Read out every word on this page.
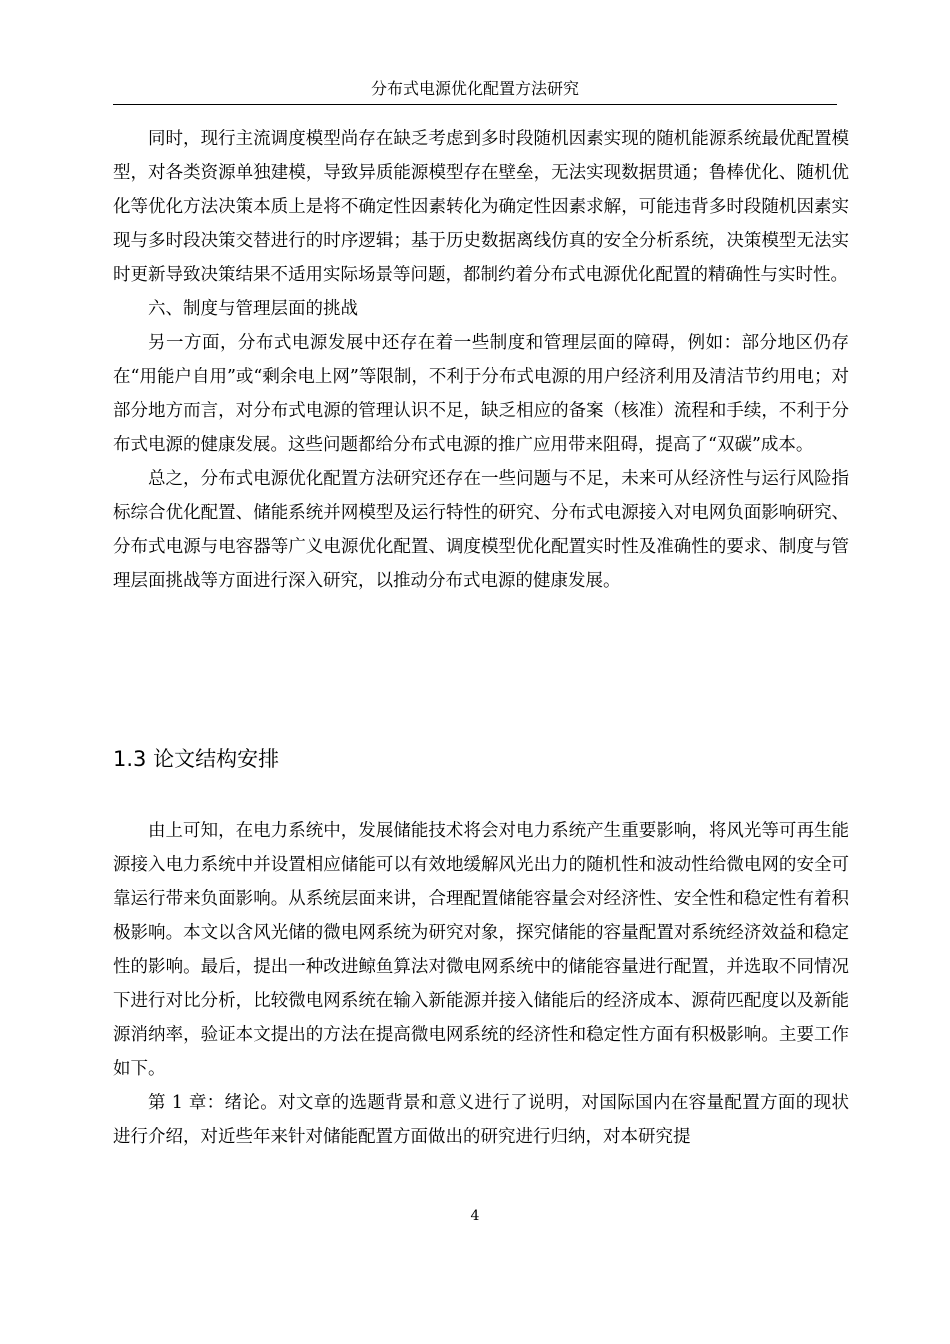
分布式电源优化配置方法研究

同时，现行主流调度模型尚存在缺乏考虑到多时段随机因素实现的随机能源系统最优配置模型，对各类资源单独建模，导致异质能源模型存在壁垒，无法实现数据贯通；鲁棒优化、随机优化等优化方法决策本质上是将不确定性因素转化为确定性因素求解，可能违背多时段随机因素实现与多时段决策交替进行的时序逻辑；基于历史数据离线仿真的安全分析系统，决策模型无法实时更新导致决策结果不适用实际场景等问题，都制约着分布式电源优化配置的精确性与实时性。

六、制度与管理层面的挑战

另一方面，分布式电源发展中还存在着一些制度和管理层面的障碍，例如：部分地区仍存在“用能户自用”或“剩余电上网”等限制，不利于分布式电源的用户经济利用及清洁节约用电；对部分地方而言，对分布式电源的管理认识不足，缺乏相应的备案（核准）流程和手续，不利于分布式电源的健康发展。这些问题都给分布式电源的推广应用带来阻碍，提高了“双碳”成本。

总之，分布式电源优化配置方法研究还存在一些问题与不足，未来可从经济性与运行风险指标综合优化配置、储能系统并网模型及运行特性的研究、分布式电源接入对电网负面影响研究、分布式电源与电容器等广义电源优化配置、调度模型优化配置实时性及准确性的要求、制度与管理层面挑战等方面进行深入研究，以推动分布式电源的健康发展。

1.3 论文结构安排

由上可知，在电力系统中，发展储能技术将会对电力系统产生重要影响，将风光等可再生能源接入电力系统中并设置相应储能可以有效地缓解风光出力的随机性和波动性给微电网的安全可靠运行带来负面影响。从系统层面来讲，合理配置储能容量会对经济性、安全性和稳定性有着积极影响。本文以含风光储的微电网系统为研究对象，探究储能的容量配置对系统经济效益和稳定性的影响。最后，提出一种改进鲸鱼算法对微电网系统中的储能容量进行配置，并选取不同情况下进行对比分析，比较微电网系统在输入新能源并接入储能后的经济成本、源荷匹配度以及新能源消纳率，验证本文提出的方法在提高微电网系统的经济性和稳定性方面有积极影响。主要工作如下。

第 1 章：绪论。对文章的选题背景和意义进行了说明，对国际国内在容量配置方面的现状进行介绍，对近些年来针对储能配置方面做出的研究进行归纳，对本研究提

4
